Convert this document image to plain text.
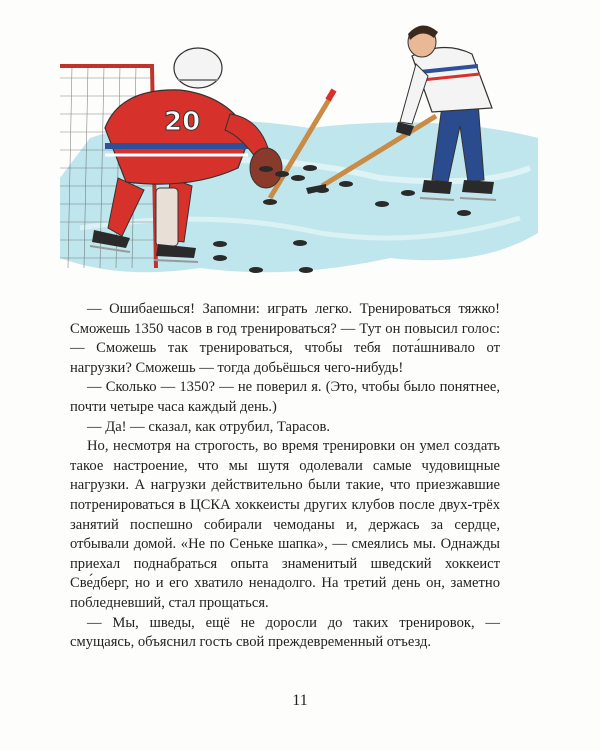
20

— Ошибаешься! Запомни: играть легко. Тренироваться тяжко! Сможешь 1350 часов в год тренироваться? — Тут он повысил голос: — Сможешь так тренироваться, чтобы тебя пота́шнивало от нагрузки? Сможешь — тогда добьёшься чего-нибудь!

— Сколько — 1350? — не поверил я. (Это, чтобы было понятнее, почти четыре часа каждый день.)

— Да! — сказал, как отрубил, Тарасов.

Но, несмотря на строгость, во время тренировки он умел создать такое настроение, что мы шутя одолевали самые чудовищные нагрузки. А нагрузки действительно были такие, что приезжавшие потренироваться в ЦСКА хоккеисты других клубов после двух-трёх занятий поспешно собирали чемоданы и, держась за сердце, отбывали домой. «Не по Сеньке шапка», — смеялись мы. Однажды приехал поднабраться опыта знаменитый шведский хоккеист Све́дберг, но и его хватило ненадолго. На третий день он, заметно побледневший, стал прощаться.

— Мы, шведы, ещё не доросли до таких тренировок, — смущаясь, объяснил гость свой преждевременный отъезд.

11
